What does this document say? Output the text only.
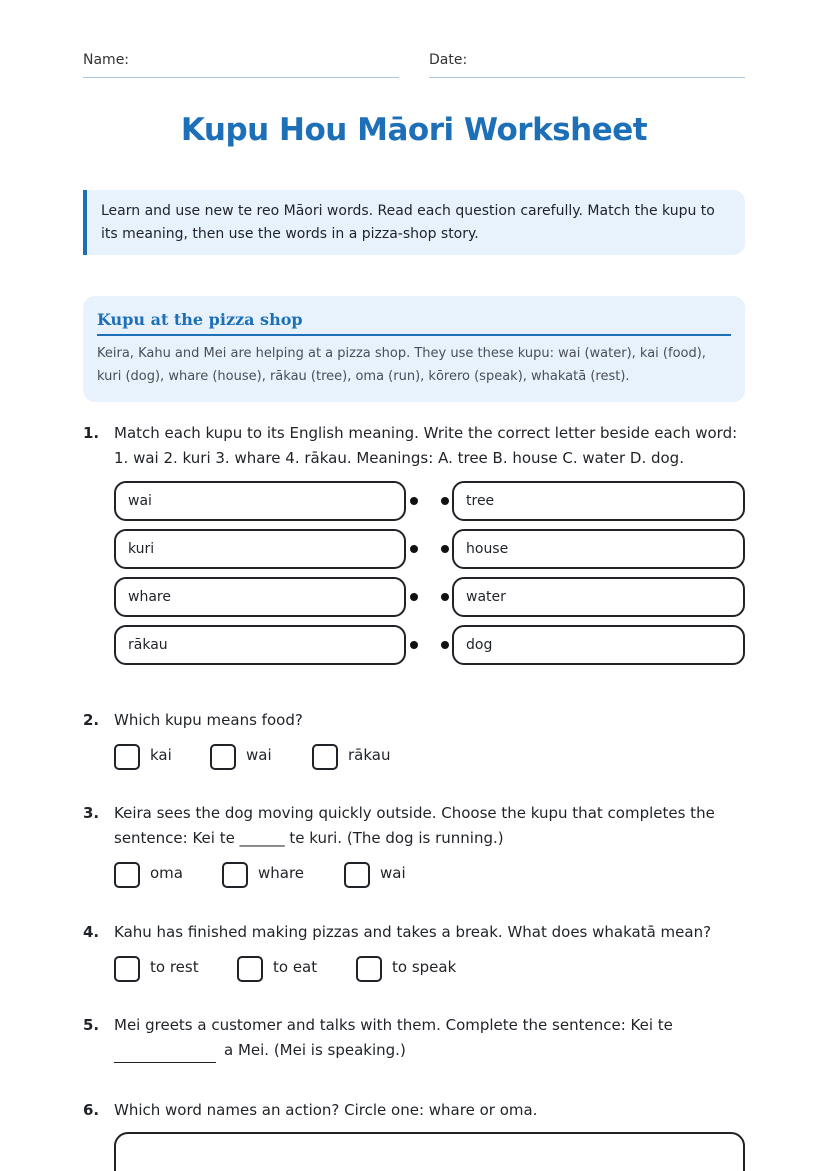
Name:	Date:
Kupu Hou Māori Worksheet
Learn and use new te reo Māori words. Read each question carefully. Match the kupu to its meaning, then use the words in a pizza-shop story.
Kupu at the pizza shop
Keira, Kahu and Mei are helping at a pizza shop. They use these kupu: wai (water), kai (food), kuri (dog), whare (house), rākau (tree), oma (run), kōrero (speak), whakatā (rest).
1. Match each kupu to its English meaning. Write the correct letter beside each word: 1. wai 2. kuri 3. whare 4. rākau. Meanings: A. tree B. house C. water D. dog.
wai	tree
kuri	house
whare	water
rākau	dog
2. Which kupu means food?
kai	wai	rākau
3. Keira sees the dog moving quickly outside. Choose the kupu that completes the sentence: Kei te ______ te kuri. (The dog is running.)
oma	whare	wai
4. Kahu has finished making pizzas and takes a break. What does whakatā mean?
to rest	to eat	to speak
5. Mei greets a customer and talks with them. Complete the sentence: Kei te
a Mei. (Mei is speaking.)
6. Which word names an action? Circle one: whare or oma.
